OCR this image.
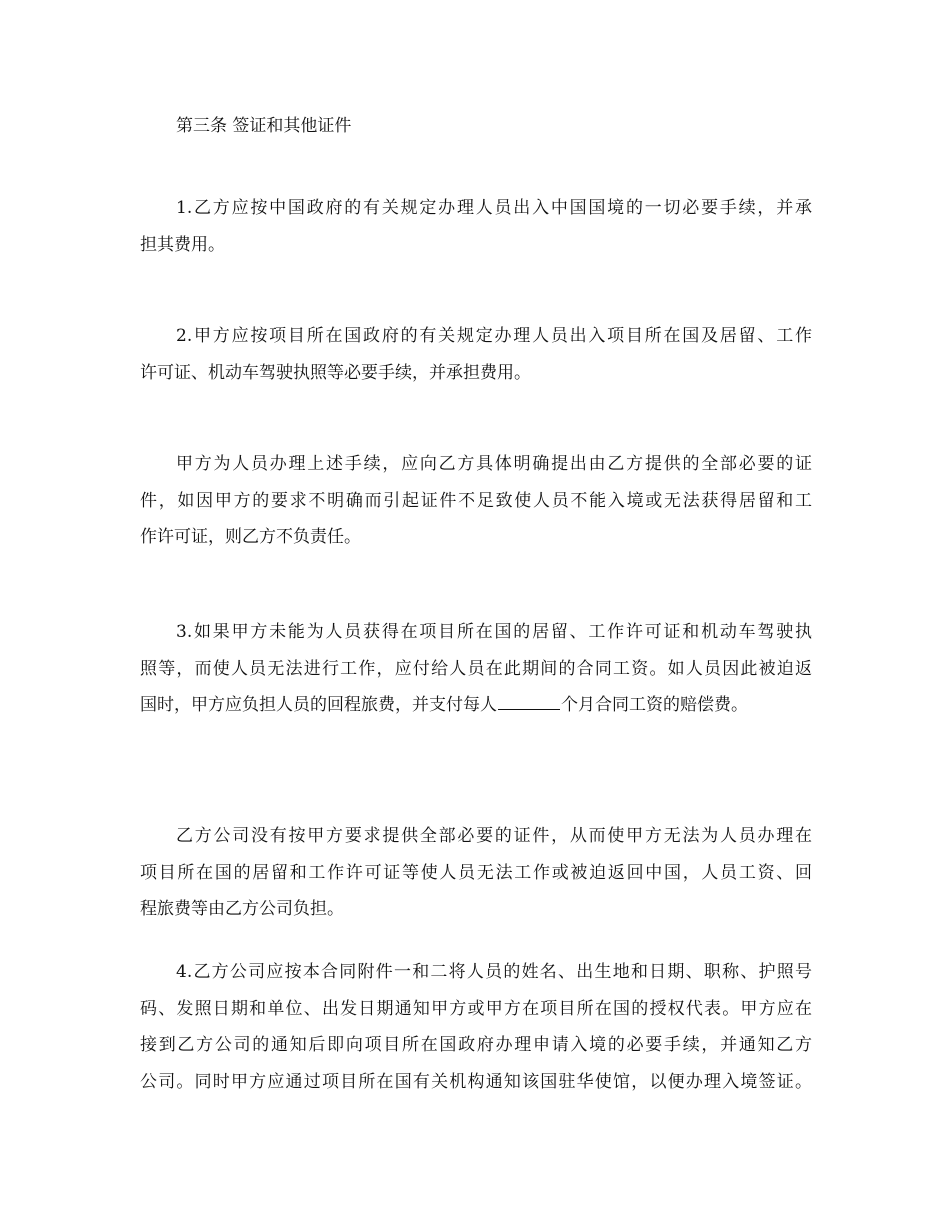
第三条 签证和其他证件
1.乙方应按中国政府的有关规定办理人员出入中国国境的一切必要手续，并承
担其费用。
2.甲方应按项目所在国政府的有关规定办理人员出入项目所在国及居留、工作
许可证、机动车驾驶执照等必要手续，并承担费用。
甲方为人员办理上述手续，应向乙方具体明确提出由乙方提供的全部必要的证
件，如因甲方的要求不明确而引起证件不足致使人员不能入境或无法获得居留和工
作许可证，则乙方不负责任。
3.如果甲方未能为人员获得在项目所在国的居留、工作许可证和机动车驾驶执
照等，而使人员无法进行工作，应付给人员在此期间的合同工资。如人员因此被迫返
国时，甲方应负担人员的回程旅费，并支付每人	个月合同工资的赔偿费。
乙方公司没有按甲方要求提供全部必要的证件，从而使甲方无法为人员办理在
项目所在国的居留和工作许可证等使人员无法工作或被迫返回中国，人员工资、回
程旅费等由乙方公司负担。
4.乙方公司应按本合同附件一和二将人员的姓名、出生地和日期、职称、护照号
码、发照日期和单位、出发日期通知甲方或甲方在项目所在国的授权代表。甲方应在
接到乙方公司的通知后即向项目所在国政府办理申请入境的必要手续，并通知乙方
公司。同时甲方应通过项目所在国有关机构通知该国驻华使馆，以便办理入境签证。
